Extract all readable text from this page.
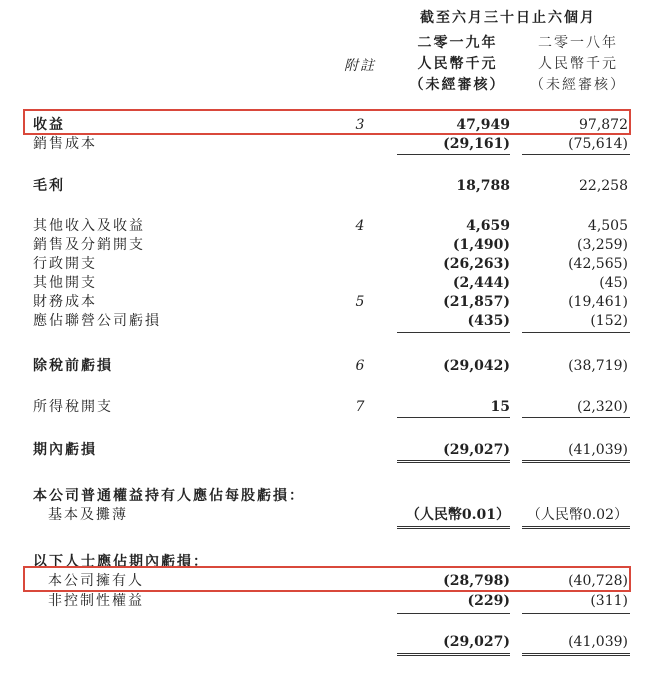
截至六月三十日止六個月
二零一九年
人民幣千元
（未經審核）
二零一八年
人民幣千元
（未經審核）
附註
收益	3	47,949	97,872
銷售成本	(29,161)	(75,614)
毛利	18,788	22,258
其他收入及收益	4	4,659	4,505
銷售及分銷開支	(1,490)	(3,259)
行政開支	(26,263)	(42,565)
其他開支	(2,444)	(45)
財務成本	5	(21,857)	(19,461)
應佔聯營公司虧損	(435)	(152)
除稅前虧損	6	(29,042)	(38,719)
所得稅開支	7	15	(2,320)
期內虧損	(29,027)	(41,039)
本公司普通權益持有人應佔每股虧損：
基本及攤薄	（人民幣0.01） （人民幣0.02）
以下人士應佔期內虧損：
本公司擁有人	(28,798)	(40,728)
非控制性權益	(229)	(311)
(29,027)	(41,039)
